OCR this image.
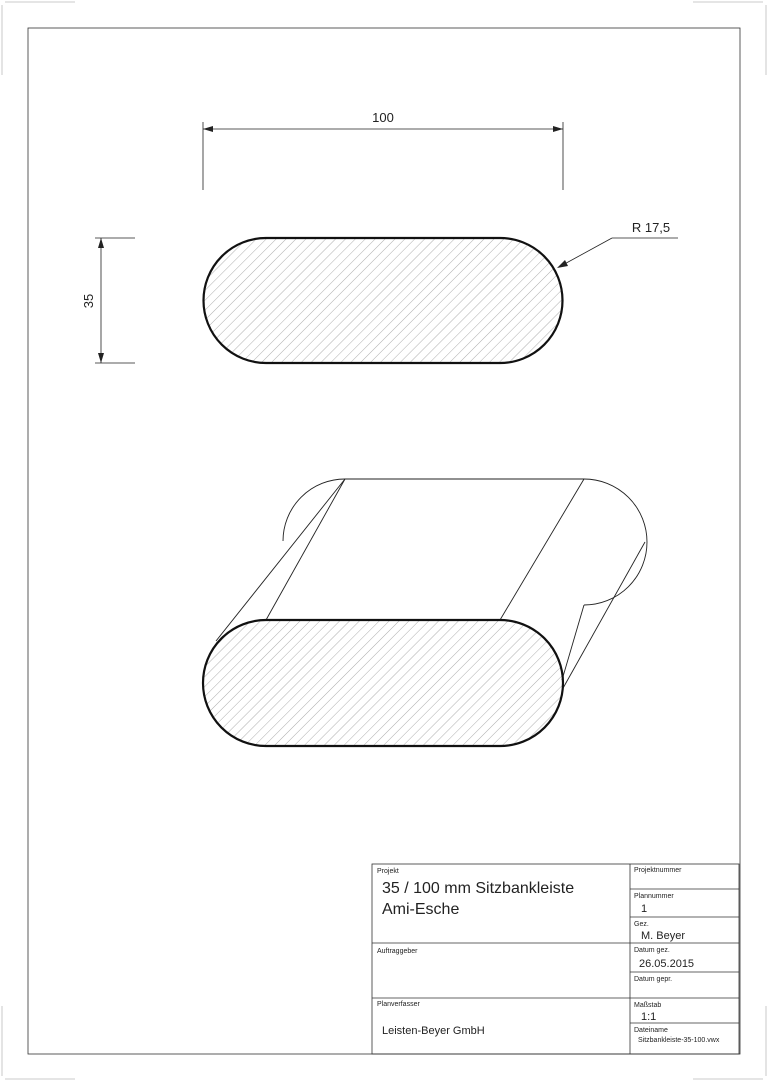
100
35
R 17,5
Projekt
35 / 100 mm Sitzbankleiste
Ami-Esche
Projektnummer
Plannummer
1
Gez.
M. Beyer
Auftraggeber	Datum gez.
26.05.2015
Datum gepr.
Planverfasser
Leisten-Beyer GmbH
Maßstab
1:1
Dateiname
Sitzbankleiste-35-100.vwx
